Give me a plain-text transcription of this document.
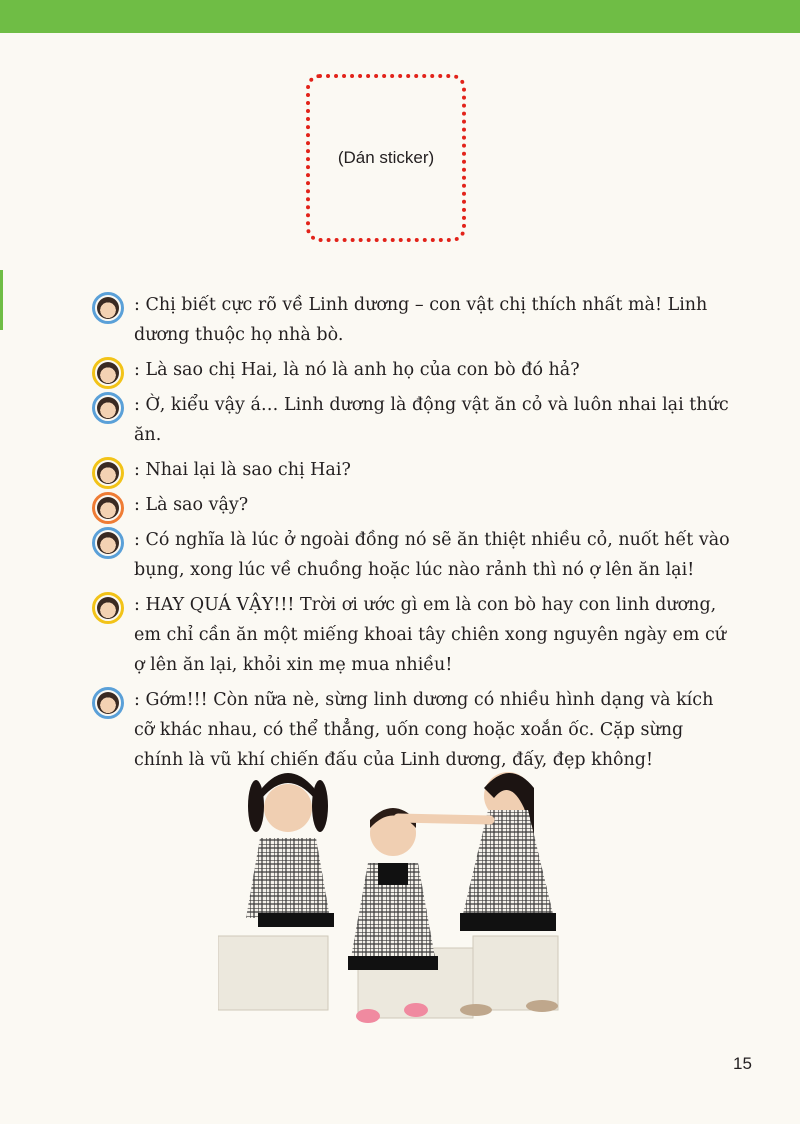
(Dán sticker)
: Chị biết cực rõ về Linh dương – con vật chị thích nhất mà! Linh dương thuộc họ nhà bò.
: Là sao chị Hai, là nó là anh họ của con bò đó hả?
: Ờ, kiểu vậy á… Linh dương là động vật ăn cỏ và luôn nhai lại thức ăn.
: Nhai lại là sao chị Hai?
: Là sao vậy?
: Có nghĩa là lúc ở ngoài đồng nó sẽ ăn thiệt nhiều cỏ, nuốt hết vào bụng, xong lúc về chuồng hoặc lúc nào rảnh thì nó ợ lên ăn lại!
: HAY QUÁ VẬY!!! Trời ơi ước gì em là con bò hay con linh dương, em chỉ cần ăn một miếng khoai tây chiên xong nguyên ngày em cứ ợ lên ăn lại, khỏi xin mẹ mua nhiều!
: Gớm!!! Còn nữa nè, sừng linh dương có nhiều hình dạng và kích cỡ khác nhau, có thể thẳng, uốn cong hoặc xoắn ốc. Cặp sừng chính là vũ khí chiến đấu của Linh dương, đấy, đẹp không!
15
